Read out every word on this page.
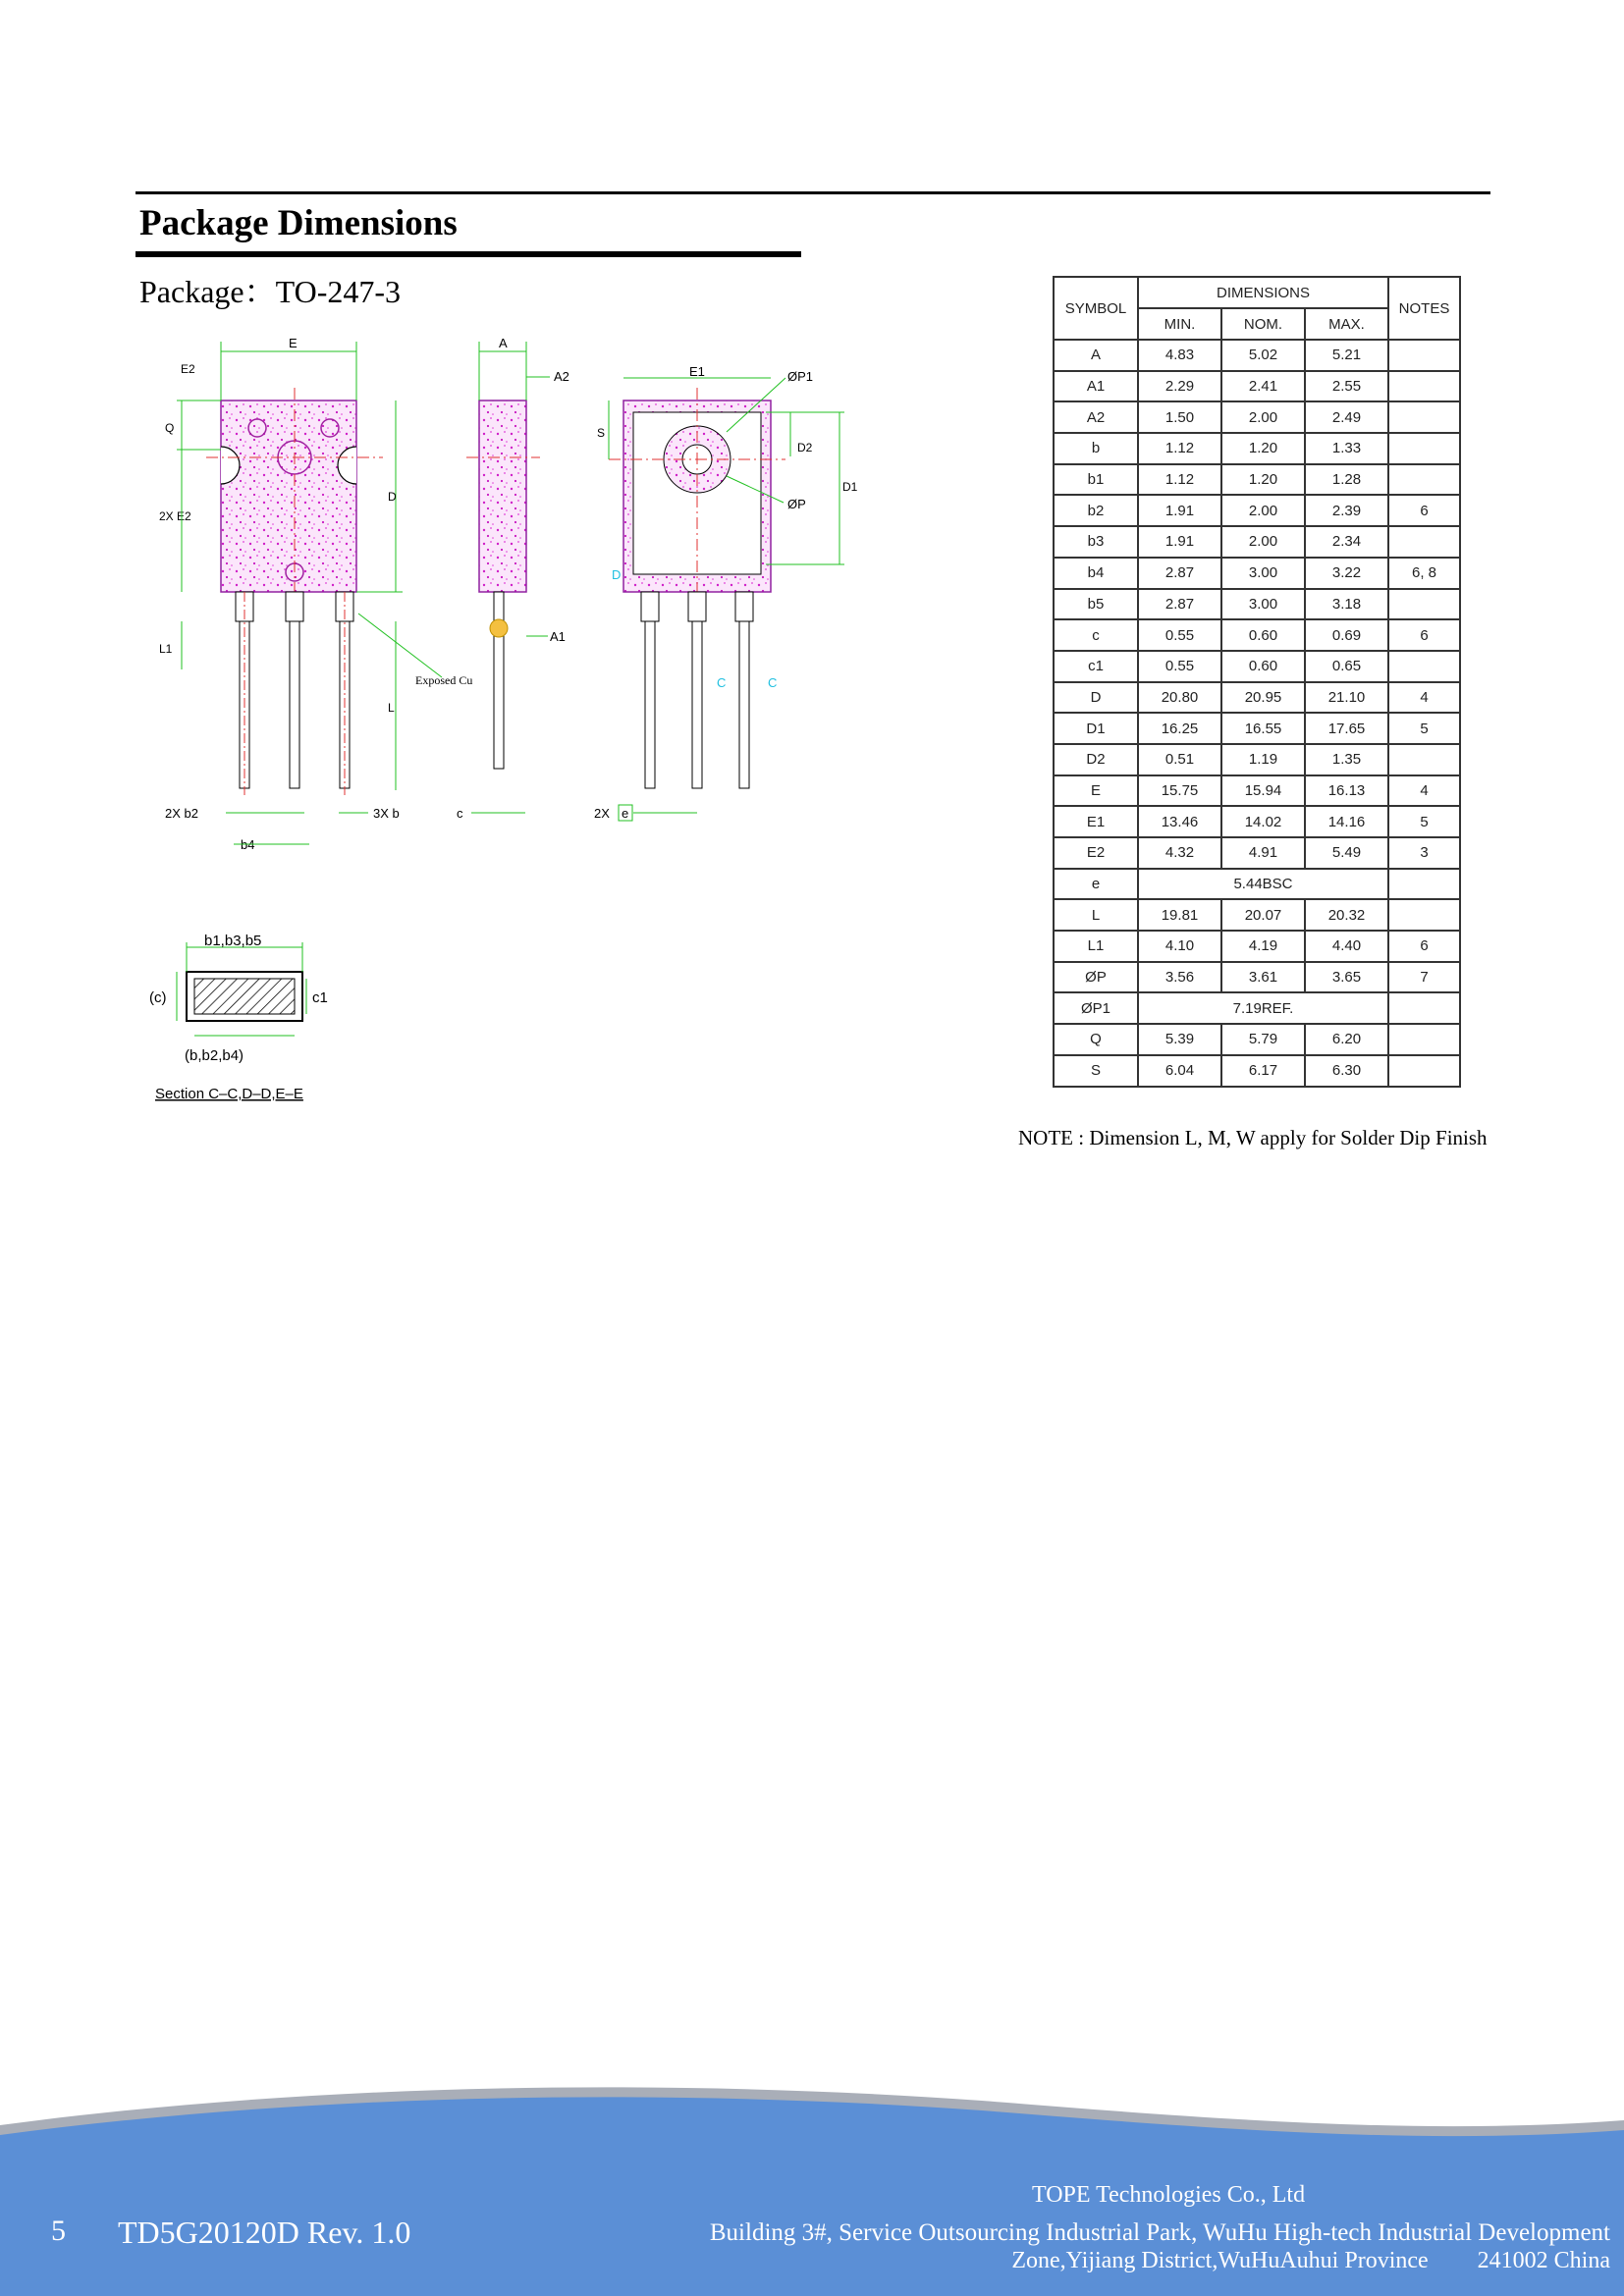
Package Dimensions
Package：TO-247-3
E
E2
Q
2X E2
D
L1
L
2X b2	3X b
b4
Exposed Cu
A
A2
A1
c
E1	ØP1
S
D2
D1
ØP
2X e
D
C	C
b1,b3,b5
(c)	c1
(b,b2,b4)
Section C–C,D–D,E–E
SYMBOL	DIMENSIONS			NOTES
	MIN.	NOM.	MAX.	
A	4.83	5.02	5.21	
A1	2.29	2.41	2.55	
A2	1.50	2.00	2.49	
b	1.12	1.20	1.33	
b1	1.12	1.20	1.28	
b2	1.91	2.00	2.39	6
b3	1.91	2.00	2.34	
b4	2.87	3.00	3.22	6, 8
b5	2.87	3.00	3.18	
c	0.55	0.60	0.69	6
c1	0.55	0.60	0.65	
D	20.80	20.95	21.10	4
D1	16.25	16.55	17.65	5
D2	0.51	1.19	1.35	
E	15.75	15.94	16.13	4
E1	13.46	14.02	14.16	5
E2	4.32	4.91	5.49	3
e	5.44BSC			
L	19.81	20.07	20.32	
L1	4.10	4.19	4.40	6
ØP	3.56	3.61	3.65	7
ØP1	7.19REF.			
Q	5.39	5.79	6.20	
S	6.04	6.17	6.30	
NOTE : Dimension L, M, W apply for Solder Dip Finish
5 TD5G20120D Rev. 1.0
TOPE Technologies Co., Ltd
Building 3#, Service Outsourcing Industrial Park, WuHu High-tech Industrial Development
Zone,Yijiang District,WuHuAuhui Province 241002 China
